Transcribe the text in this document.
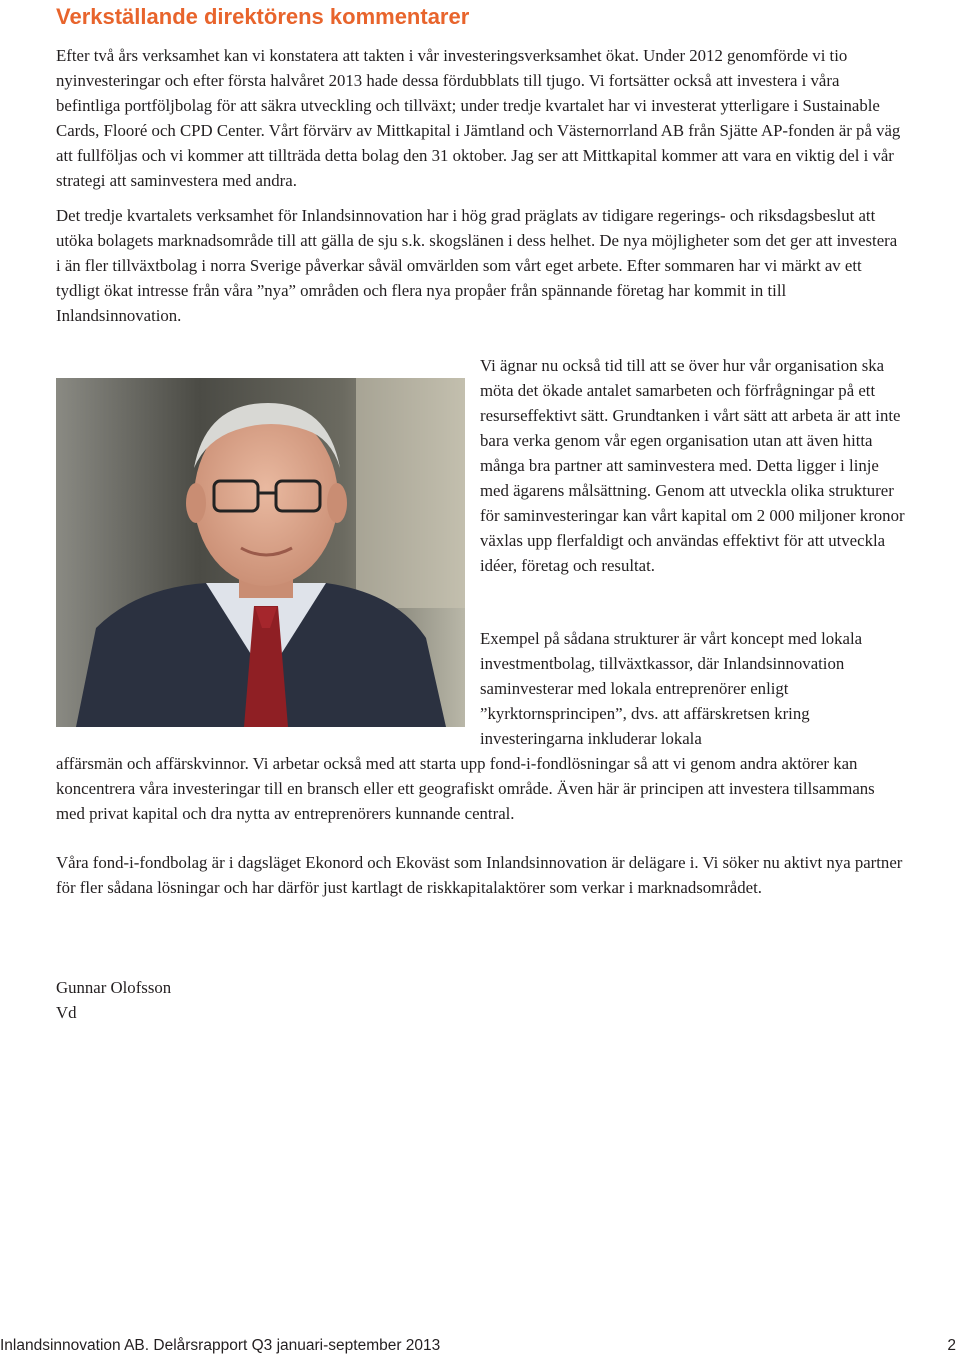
Verkställande direktörens kommentarer

Efter två års verksamhet kan vi konstatera att takten i vår investeringsverksamhet ökat. Under 2012 genomförde vi tio nyinvesteringar och efter första halvåret 2013 hade dessa fördubblats till tjugo. Vi fortsätter också att investera i våra befintliga portföljbolag för att säkra utveckling och tillväxt; under tredje kvartalet har vi investerat ytterligare i Sustainable Cards, Flooré och CPD Center. Vårt förvärv av Mittkapital i Jämtland och Västernorrland AB från Sjätte AP-fonden är på väg att fullföljas och vi kommer att tillträda detta bolag den 31 oktober. Jag ser att Mittkapital kommer att vara en viktig del i vår strategi att saminvestera med andra.

Det tredje kvartalets verksamhet för Inlandsinnovation har i hög grad präglats av tidigare regerings- och riksdagsbeslut att utöka bolagets marknadsområde till att gälla de sju s.k. skogslänen i dess helhet. De nya möjligheter som det ger att investera i än fler tillväxtbolag i norra Sverige påverkar såväl omvärlden som vårt eget arbete. Efter sommaren har vi märkt av ett tydligt ökat intresse från våra ”nya” områden och flera nya propåer från spännande företag har kommit in till Inlandsinnovation.

Vi ägnar nu också tid till att se över hur vår organisation ska möta det ökade antalet samarbeten och förfrågningar på ett resurseffektivt sätt. Grundtanken i vårt sätt att arbeta är att inte bara verka genom vår egen organisation utan att även hitta många bra partner att saminvestera med. Detta ligger i linje med ägarens målsättning. Genom att utveckla olika strukturer för saminvesteringar kan vårt kapital om 2 000 miljoner kronor växlas upp flerfaldigt och användas effektivt för att utveckla idéer, företag och resultat.

Exempel på sådana strukturer är vårt koncept med lokala investmentbolag, tillväxtkassor, där Inlandsinnovation saminvesterar med lokala entreprenörer enligt ”kyrktornsprincipen”, dvs. att affärskretsen kring investeringarna inkluderar lokala

affärsmän och affärskvinnor. Vi arbetar också med att starta upp fond-i-fondlösningar så att vi genom andra aktörer kan koncentrera våra investeringar till en bransch eller ett geografiskt område. Även här är principen att investera tillsammans med privat kapital och dra nytta av entreprenörers kunnande central.

Våra fond-i-fondbolag är i dagsläget Ekonord och Ekoväst som Inlandsinnovation är delägare i. Vi söker nu aktivt nya partner för fler sådana lösningar och har därför just kartlagt de riskkapitalaktörer som verkar i marknadsområdet.

Gunnar Olofsson
Vd

Inlandsinnovation AB. Delårsrapport Q3 januari-september 2013	2
